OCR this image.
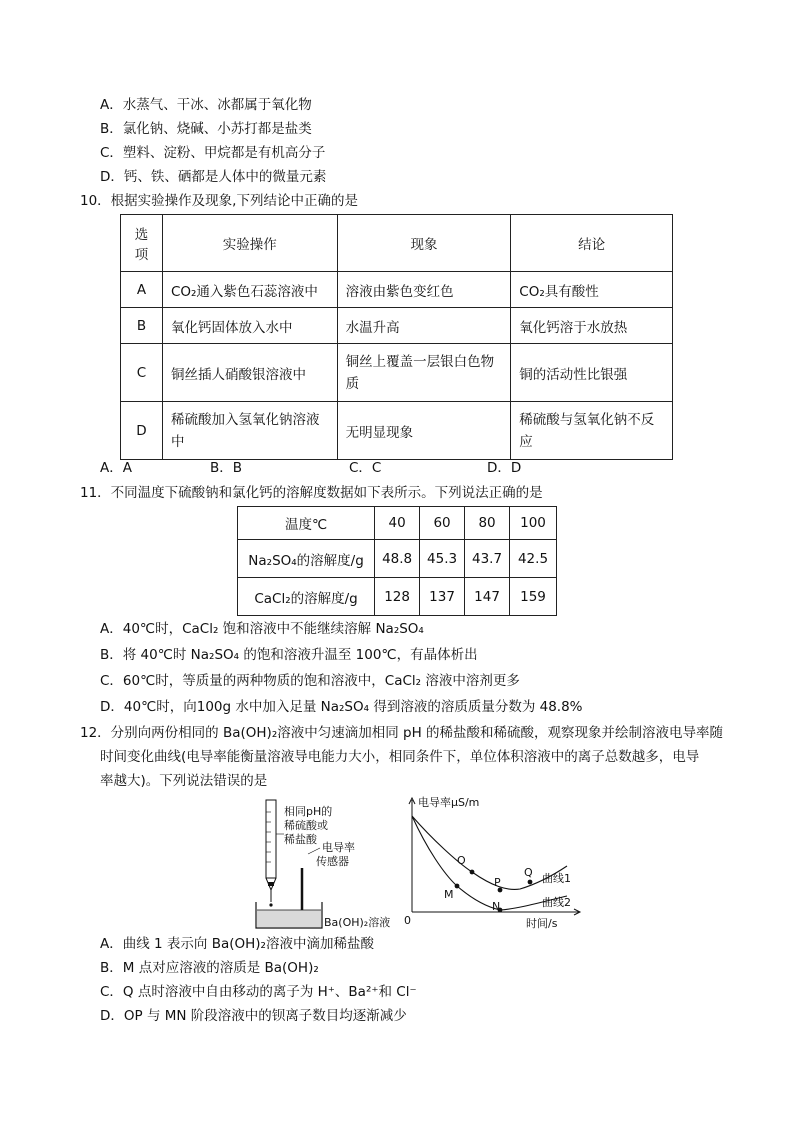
A．水蒸气、干冰、冰都属于氧化物
B．氯化钠、烧碱、小苏打都是盐类
C．塑料、淀粉、甲烷都是有机高分子
D．钙、铁、硒都是人体中的微量元素
10．根据实验操作及现象,下列结论中正确的是
选
项	实验操作	现象	结论
A	CO₂通入紫色石蕊溶液中	溶液由紫色变红色	CO₂具有酸性
B	氧化钙固体放入水中	水温升高	氧化钙溶于水放热
C	铜丝插人硝酸银溶液中	铜丝上覆盖一层银白色物质	铜的活动性比银强
D	稀硫酸加入氢氧化钠溶液中	无明显现象	稀硫酸与氢氧化钠不反应
A．A	B．B	C．C	D．D
11．不同温度下硫酸钠和氯化钙的溶解度数据如下表所示。下列说法正确的是
温度℃	40	60	80	100
Na₂SO₄的溶解度/g	48.8	45.3	43.7	42.5
CaCl₂的溶解度/g	128	137	147	159
A．40℃时，CaCl₂ 饱和溶液中不能继续溶解 Na₂SO₄
B．将 40℃时 Na₂SO₄ 的饱和溶液升温至 100℃，有晶体析出
C．60℃时，等质量的两种物质的饱和溶液中，CaCl₂ 溶液中溶剂更多
D．40℃时，向100g 水中加入足量 Na₂SO₄ 得到溶液的溶质质量分数为 48.8%
12．分别向两份相同的 Ba(OH)₂溶液中匀速滴加相同 pH 的稀盐酸和稀硫酸，观察现象并绘制溶液电导率随
时间变化曲线(电导率能衡量溶液导电能力大小，相同条件下，单位体积溶液中的离子总数越多，电导
率越大)。下列说法错误的是
相同pH的
稀硫酸或
稀盐酸
电导率
传感器
Ba(OH)₂溶液
电导率μS/m
时间/s
0
O
M
P
Q
N
曲线1
曲线2
A．曲线 1 表示向 Ba(OH)₂溶液中滴加稀盐酸
B．M 点对应溶液的溶质是 Ba(OH)₂
C．Q 点时溶液中自由移动的离子为 H⁺、Ba²⁺和 Cl⁻
D．OP 与 MN 阶段溶液中的钡离子数目均逐渐减少
